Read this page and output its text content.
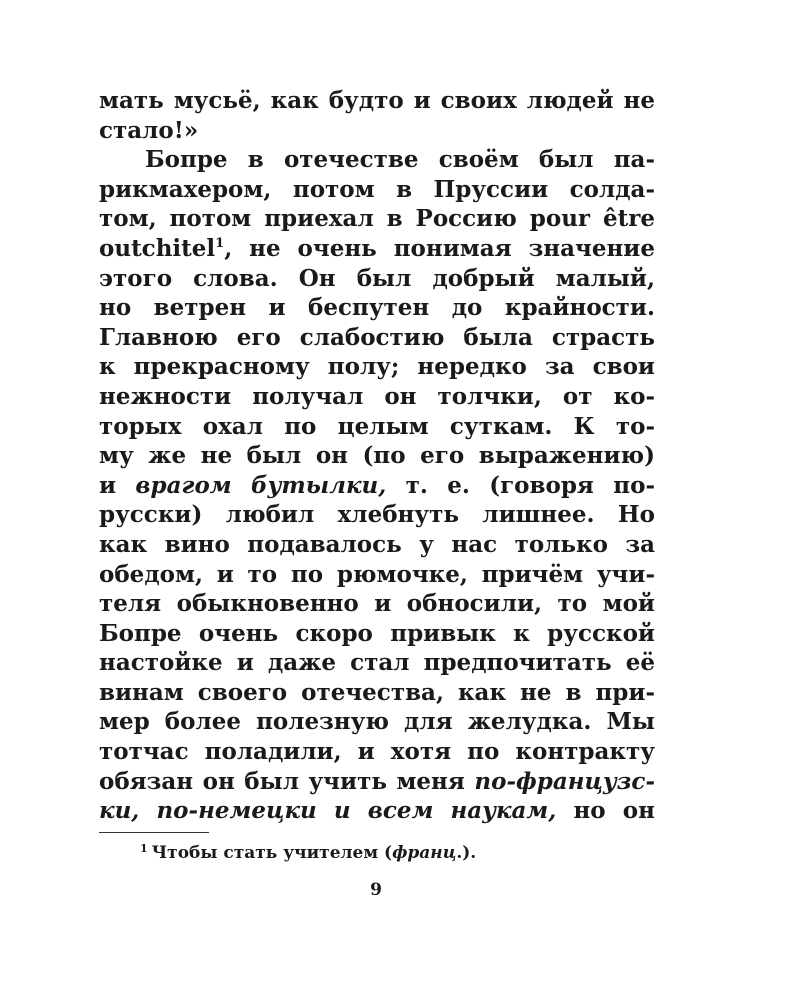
мать мусьё, как будто и своих людей не
стало!»
Бопре в отечестве своём был па-
рикмахером, потом в Пруссии солда-
том, потом приехал в Россию pour être
outchitel$^1$, не очень понимая значение
этого слова. Он был добрый малый,
но ветрен и беспутен до крайности.
Главною его слабостию была страсть
к прекрасному полу; нередко за свои
нежности получал он толчки, от ко-
торых охал по целым суткам. К то-
му же не был он (по его выражению)
и врагом бутылки, т. е. (говоря по-
русски) любил хлебнуть лишнее. Но
как вино подавалось у нас только за
обедом, и то по рюмочке, причём учи-
теля обыкновенно и обносили, то мой
Бопре очень скоро привык к русской
настойке и даже стал предпочитать её
винам своего отечества, как не в при-
мер более полезную для желудка. Мы
тотчас поладили, и хотя по контракту
обязан он был учить меня по-французс-
ки, по-немецки и всем наукам, но он
$^1$ Чтобы стать учителем (франц.).
9
